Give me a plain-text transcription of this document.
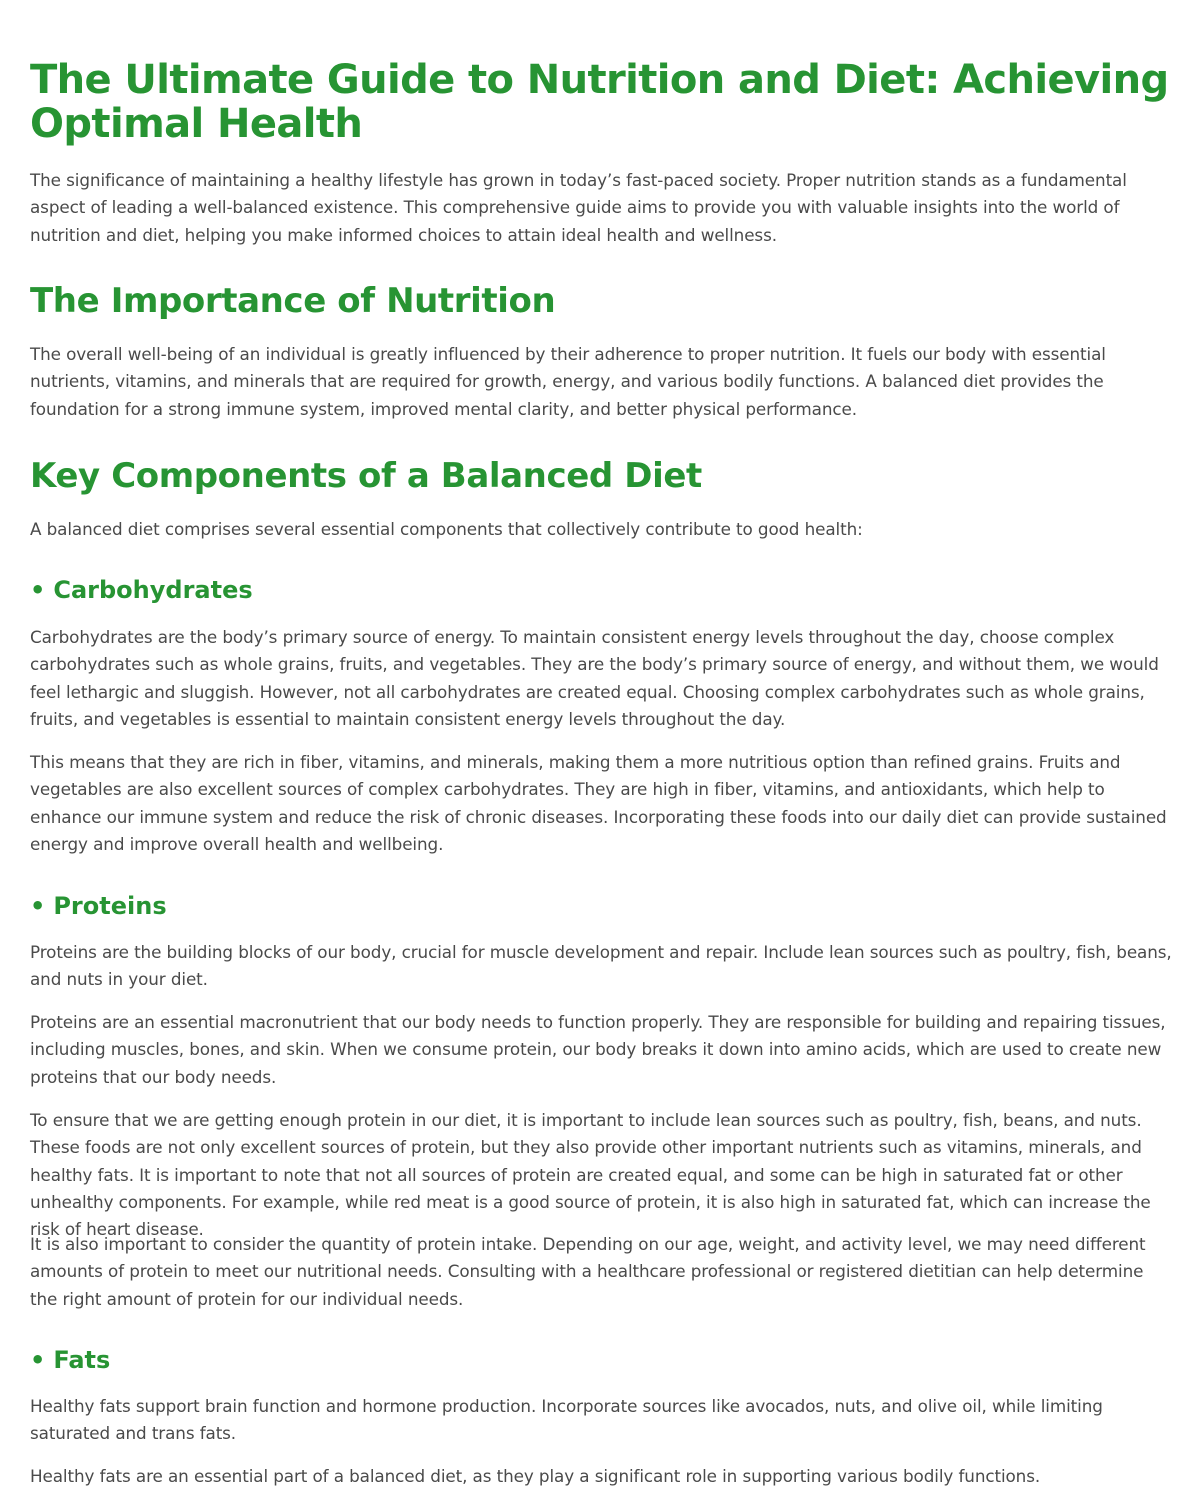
The Ultimate Guide to Nutrition and Diet: Achieving Optimal Health

The significance of maintaining a healthy lifestyle has grown in today’s fast-paced society. Proper nutrition stands as a fundamental aspect of leading a well-balanced existence. This comprehensive guide aims to provide you with valuable insights into the world of nutrition and diet, helping you make informed choices to attain ideal health and wellness.

The Importance of Nutrition

The overall well-being of an individual is greatly influenced by their adherence to proper nutrition. It fuels our body with essential nutrients, vitamins, and minerals that are required for growth, energy, and various bodily functions. A balanced diet provides the foundation for a strong immune system, improved mental clarity, and better physical performance.

Key Components of a Balanced Diet

A balanced diet comprises several essential components that collectively contribute to good health:

• Carbohydrates

Carbohydrates are the body’s primary source of energy. To maintain consistent energy levels throughout the day, choose complex carbohydrates such as whole grains, fruits, and vegetables. They are the body’s primary source of energy, and without them, we would feel lethargic and sluggish. However, not all carbohydrates are created equal. Choosing complex carbohydrates such as whole grains, fruits, and vegetables is essential to maintain consistent energy levels throughout the day.

This means that they are rich in fiber, vitamins, and minerals, making them a more nutritious option than refined grains. Fruits and vegetables are also excellent sources of complex carbohydrates. They are high in fiber, vitamins, and antioxidants, which help to enhance our immune system and reduce the risk of chronic diseases. Incorporating these foods into our daily diet can provide sustained energy and improve overall health and wellbeing.

• Proteins

Proteins are the building blocks of our body, crucial for muscle development and repair. Include lean sources such as poultry, fish, beans, and nuts in your diet.

Proteins are an essential macronutrient that our body needs to function properly. They are responsible for building and repairing tissues, including muscles, bones, and skin. When we consume protein, our body breaks it down into amino acids, which are used to create new proteins that our body needs.

To ensure that we are getting enough protein in our diet, it is important to include lean sources such as poultry, fish, beans, and nuts. These foods are not only excellent sources of protein, but they also provide other important nutrients such as vitamins, minerals, and healthy fats. It is important to note that not all sources of protein are created equal, and some can be high in saturated fat or other unhealthy components. For example, while red meat is a good source of protein, it is also high in saturated fat, which can increase the risk of heart disease.

It is also important to consider the quantity of protein intake. Depending on our age, weight, and activity level, we may need different amounts of protein to meet our nutritional needs. Consulting with a healthcare professional or registered dietitian can help determine the right amount of protein for our individual needs.

• Fats

Healthy fats support brain function and hormone production. Incorporate sources like avocados, nuts, and olive oil, while limiting saturated and trans fats.

Healthy fats are an essential part of a balanced diet, as they play a significant role in supporting various bodily functions.
